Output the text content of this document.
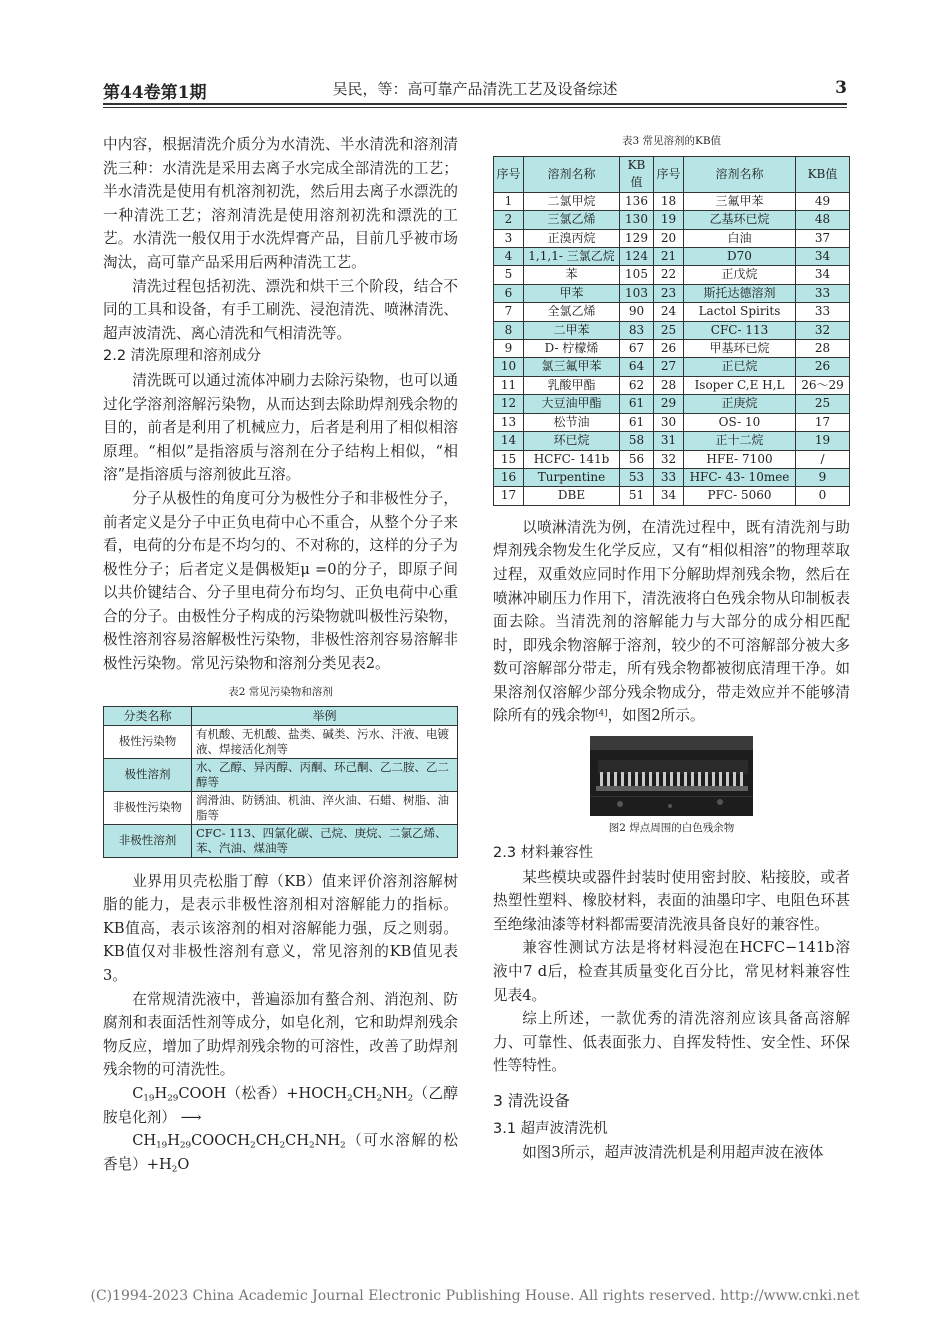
第44卷第1期	吴民，等：高可靠产品清洗工艺及设备综述	3

中内容，根据清洗介质分为水清洗、半水清洗和溶剂清洗三种：水清洗是采用去离子水完成全部清洗的工艺；半水清洗是使用有机溶剂初洗，然后用去离子水漂洗的一种清洗工艺；溶剂清洗是使用溶剂初洗和漂洗的工艺。水清洗一般仅用于水洗焊膏产品，目前几乎被市场淘汰，高可靠产品采用后两种清洗工艺。

清洗过程包括初洗、漂洗和烘干三个阶段，结合不同的工具和设备，有手工刷洗、浸泡清洗、喷淋清洗、超声波清洗、离心清洗和气相清洗等。

2.2 清洗原理和溶剂成分

清洗既可以通过流体冲刷力去除污染物，也可以通过化学溶剂溶解污染物，从而达到去除助焊剂残余物的目的，前者是利用了机械应力，后者是利用了相似相溶原理。“相似”是指溶质与溶剂在分子结构上相似，“相溶”是指溶质与溶剂彼此互溶。

分子从极性的角度可分为极性分子和非极性分子，前者定义是分子中正负电荷中心不重合，从整个分子来看，电荷的分布是不均匀的、不对称的，这样的分子为极性分子；后者定义是偶极矩μ =0的分子，即原子间以共价键结合、分子里电荷分布均匀、正负电荷中心重合的分子。由极性分子构成的污染物就叫极性污染物，极性溶剂容易溶解极性污染物，非极性溶剂容易溶解非极性污染物。常见污染物和溶剂分类见表2。

表2 常见污染物和溶剂
分类名称	举例
极性污染物	有机酸、无机酸、盐类、碱类、污水、汗液、电镀液、焊接活化剂等
极性溶剂	水、乙醇、异丙醇、丙酮、环己酮、乙二胺、乙二醇等
非极性污染物	润滑油、防锈油、机油、淬火油、石蜡、树脂、油脂等
非极性溶剂	CFC- 113、四氯化碳、己烷、庚烷、二氯乙烯、苯、汽油、煤油等

业界用贝壳松脂丁醇（KB）值来评价溶剂溶解树脂的能力，是表示非极性溶剂相对溶解能力的指标。KB值高，表示该溶剂的相对溶解能力强，反之则弱。KB值仅对非极性溶剂有意义，常见溶剂的KB值见表3。

在常规清洗液中，普遍添加有螯合剂、消泡剂、防腐剂和表面活性剂等成分，如皂化剂，它和助焊剂残余物反应，增加了助焊剂残余物的可溶性，改善了助焊剂残余物的可清洗性。

$C_{19}H_{29}COOH$（松香）$+HOCH_2CH_2NH_2$（乙醇胺皂化剂） ⟶

$CH_{19}H_{29}COOCH_2CH_2CH_2NH_2$（可水溶解的松香皂）$+H_2O$

表3 常见溶剂的KB值
序号	溶剂名称	KB值	序号	溶剂名称	KB值
1	二氯甲烷	136	18	三氟甲苯	49
2	三氯乙烯	130	19	乙基环已烷	48
3	正溴丙烷	129	20	白油	37
4	1,1,1- 三氯乙烷	124	21	D70	34
5	苯	105	22	正戊烷	34
6	甲苯	103	23	斯托达德溶剂	33
7	全氯乙烯	90	24	Lactol Spirits	33
8	二甲苯	83	25	CFC- 113	32
9	D- 柠檬烯	67	26	甲基环已烷	28
10	氯三氟甲苯	64	27	正已烷	26
11	乳酸甲酯	62	28	Isoper C,E H,L	26～29
12	大豆油甲酯	61	29	正庚烷	25
13	松节油	61	30	OS- 10	17
14	环已烷	58	31	正十二烷	19
15	HCFC- 141b	56	32	HFE- 7100	/
16	Turpentine	53	33	HFC- 43- 10mee	9
17	DBE	51	34	PFC- 5060	0

以喷淋清洗为例，在清洗过程中，既有清洗剂与助焊剂残余物发生化学反应，又有“相似相溶”的物理萃取过程，双重效应同时作用下分解助焊剂残余物，然后在喷淋冲刷压力作用下，清洗液将白色残余物从印制板表面去除。当清洗剂的溶解能力与大部分的成分相匹配时，即残余物溶解于溶剂，较少的不可溶解部分被大多数可溶解部分带走，所有残余物都被彻底清理干净。如果溶剂仅溶解少部分残余物成分，带走效应并不能够清除所有的残余物[4]，如图2所示。

图2 焊点周围的白色残余物

2.3 材料兼容性

某些模块或器件封装时使用密封胶、粘接胶，或者热塑性塑料、橡胶材料，表面的油墨印字、电阻色环甚至绝缘油漆等材料都需要清洗液具备良好的兼容性。

兼容性测试方法是将材料浸泡在HCFC−141b溶液中7 d后，检查其质量变化百分比，常见材料兼容性见表4。

综上所述，一款优秀的清洗溶剂应该具备高溶解力、可靠性、低表面张力、自挥发特性、安全性、环保性等特性。

3 清洗设备

3.1 超声波清洗机

如图3所示，超声波清洗机是利用超声波在液体

(C)1994-2023 China Academic Journal Electronic Publishing House. All rights reserved. http://www.cnki.net
